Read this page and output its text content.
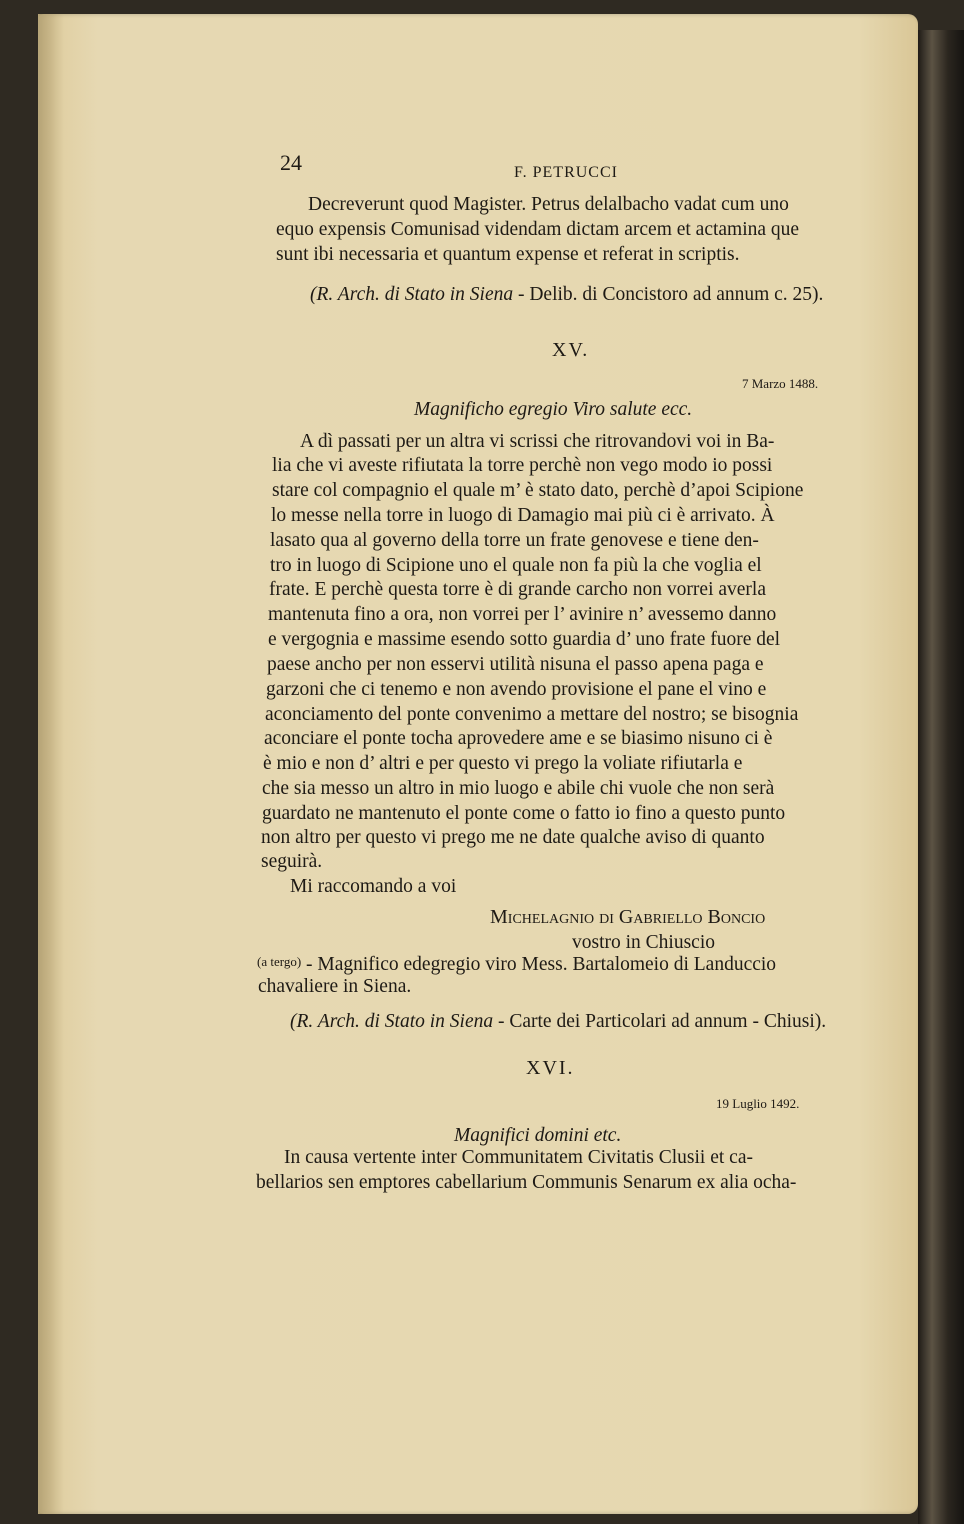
24	F. PETRUCCI
Decreverunt quod Magister. Petrus delalbacho vadat cum uno
equo expensis Comunisad videndam dictam arcem et actamina que
sunt ibi necessaria et quantum expense et referat in scriptis.
(R. Arch. di Stato in Siena - Delib. di Concistoro ad annum c. 25).
XV.
7 Marzo 1488.
Magnificho egregio Viro salute ecc.
A dì passati per un altra vi scrissi che ritrovandovi voi in Ba-
lia che vi aveste rifiutata la torre perchè non vego modo io possi
stare col compagnio el quale m’ è stato dato, perchè d’apoi Scipione
lo messe nella torre in luogo di Damagio mai più ci è arrivato. À
lasato qua al governo della torre un frate genovese e tiene den-
tro in luogo di Scipione uno el quale non fa più la che voglia el
frate. E perchè questa torre è di grande carcho non vorrei averla
mantenuta fino a ora, non vorrei per l’ avinire n’ avessemo danno
e vergognia e massime esendo sotto guardia d’ uno frate fuore del
paese ancho per non esservi utilità nisuna el passo apena paga e
garzoni che ci tenemo e non avendo provisione el pane el vino e
aconciamento del ponte convenimo a mettare del nostro; se bisognia
aconciare el ponte tocha aprovedere ame e se biasimo nisuno ci è
è mio e non d’ altri e per questo vi prego la voliate rifiutarla e
che sia messo un altro in mio luogo e abile chi vuole che non serà
guardato ne mantenuto el ponte come o fatto io fino a questo punto
non altro per questo vi prego me ne date qualche aviso di quanto
seguirà.
Mi raccomando a voi
Michelagnio di Gabriello Boncio
vostro in Chiuscio
$^{(a tergo)}$ - Magnifico edegregio viro Mess. Bartalomeio di Landuccio
chavaliere in Siena.
(R. Arch. di Stato in Siena - Carte dei Particolari ad annum - Chiusi).
XVI.
19 Luglio 1492.
Magnifici domini etc.
In causa vertente inter Communitatem Civitatis Clusii et ca-
bellarios sen emptores cabellarium Communis Senarum ex alia ocha-
